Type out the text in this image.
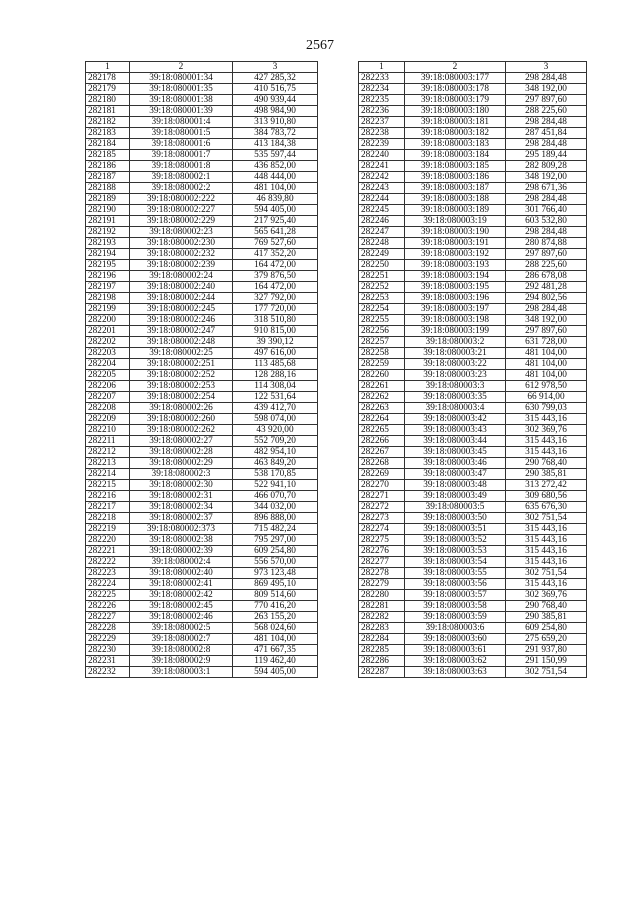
2567
1	2	3
282178	39:18:080001:34	427 285,32
282179	39:18:080001:35	410 516,75
282180	39:18:080001:38	490 939,44
282181	39:18:080001:39	498 984,90
282182	39:18:080001:4	313 910,80
282183	39:18:080001:5	384 783,72
282184	39:18:080001:6	413 184,38
282185	39:18:080001:7	535 597,44
282186	39:18:080001:8	436 852,00
282187	39:18:080002:1	448 444,00
282188	39:18:080002:2	481 104,00
282189	39:18:080002:222	46 839,80
282190	39:18:080002:227	594 405,00
282191	39:18:080002:229	217 925,40
282192	39:18:080002:23	565 641,28
282193	39:18:080002:230	769 527,60
282194	39:18:080002:232	417 352,20
282195	39:18:080002:239	164 472,00
282196	39:18:080002:24	379 876,50
282197	39:18:080002:240	164 472,00
282198	39:18:080002:244	327 792,00
282199	39:18:080002:245	177 720,00
282200	39:18:080002:246	318 510,80
282201	39:18:080002:247	910 815,00
282202	39:18:080002:248	39 390,12
282203	39:18:080002:25	497 616,00
282204	39:18:080002:251	113 485,68
282205	39:18:080002:252	128 288,16
282206	39:18:080002:253	114 308,04
282207	39:18:080002:254	122 531,64
282208	39:18:080002:26	439 412,70
282209	39:18:080002:260	598 074,00
282210	39:18:080002:262	43 920,00
282211	39:18:080002:27	552 709,20
282212	39:18:080002:28	482 954,10
282213	39:18:080002:29	463 849,20
282214	39:18:080002:3	538 170,85
282215	39:18:080002:30	522 941,10
282216	39:18:080002:31	466 070,70
282217	39:18:080002:34	344 032,00
282218	39:18:080002:37	896 888,00
282219	39:18:080002:373	715 482,24
282220	39:18:080002:38	795 297,00
282221	39:18:080002:39	609 254,80
282222	39:18:080002:4	556 570,00
282223	39:18:080002:40	973 123,48
282224	39:18:080002:41	869 495,10
282225	39:18:080002:42	809 514,60
282226	39:18:080002:45	770 416,20
282227	39:18:080002:46	263 155,20
282228	39:18:080002:5	568 024,60
282229	39:18:080002:7	481 104,00
282230	39:18:080002:8	471 667,35
282231	39:18:080002:9	119 462,40
282232	39:18:080003:1	594 405,00
1	2	3
282233	39:18:080003:177	298 284,48
282234	39:18:080003:178	348 192,00
282235	39:18:080003:179	297 897,60
282236	39:18:080003:180	288 225,60
282237	39:18:080003:181	298 284,48
282238	39:18:080003:182	287 451,84
282239	39:18:080003:183	298 284,48
282240	39:18:080003:184	295 189,44
282241	39:18:080003:185	282 809,28
282242	39:18:080003:186	348 192,00
282243	39:18:080003:187	298 671,36
282244	39:18:080003:188	298 284,48
282245	39:18:080003:189	301 766,40
282246	39:18:080003:19	603 532,80
282247	39:18:080003:190	298 284,48
282248	39:18:080003:191	280 874,88
282249	39:18:080003:192	297 897,60
282250	39:18:080003:193	288 225,60
282251	39:18:080003:194	286 678,08
282252	39:18:080003:195	292 481,28
282253	39:18:080003:196	294 802,56
282254	39:18:080003:197	298 284,48
282255	39:18:080003:198	348 192,00
282256	39:18:080003:199	297 897,60
282257	39:18:080003:2	631 728,00
282258	39:18:080003:21	481 104,00
282259	39:18:080003:22	481 104,00
282260	39:18:080003:23	481 104,00
282261	39:18:080003:3	612 978,50
282262	39:18:080003:35	66 914,00
282263	39:18:080003:4	630 799,03
282264	39:18:080003:42	315 443,16
282265	39:18:080003:43	302 369,76
282266	39:18:080003:44	315 443,16
282267	39:18:080003:45	315 443,16
282268	39:18:080003:46	290 768,40
282269	39:18:080003:47	290 385,81
282270	39:18:080003:48	313 272,42
282271	39:18:080003:49	309 680,56
282272	39:18:080003:5	635 676,30
282273	39:18:080003:50	302 751,54
282274	39:18:080003:51	315 443,16
282275	39:18:080003:52	315 443,16
282276	39:18:080003:53	315 443,16
282277	39:18:080003:54	315 443,16
282278	39:18:080003:55	302 751,54
282279	39:18:080003:56	315 443,16
282280	39:18:080003:57	302 369,76
282281	39:18:080003:58	290 768,40
282282	39:18:080003:59	290 385,81
282283	39:18:080003:6	609 254,80
282284	39:18:080003:60	275 659,20
282285	39:18:080003:61	291 937,80
282286	39:18:080003:62	291 150,99
282287	39:18:080003:63	302 751,54
